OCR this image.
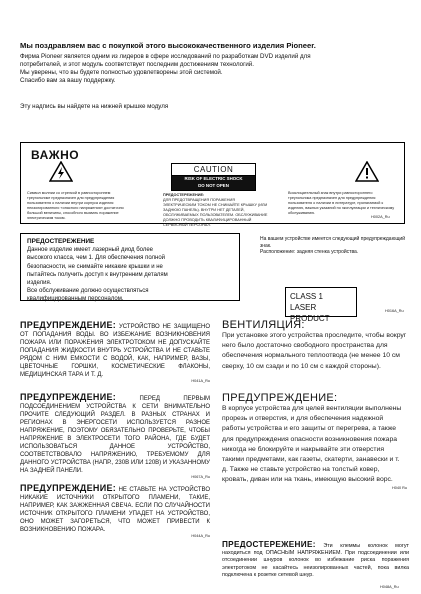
Мы поздравляем вас с покупкой этого высококачественного изделия Pioneer.
Фирма Pioneer является одним из лидеров в сфере исследований по разработкам DVD изделий для
потребителей, и этот модуль соответствует последним достижениям технологий.
Мы уверены, что вы будете полностью удовлетворены этой системой.
Спасибо вам за вашу поддержку.
Эту надпись вы найдете на нижней крышке модуля
ВАЖНО
CAUTION
RISK OF ELECTRIC SHOCK
DO NOT OPEN
Символ молнии со стрелкой в равностороннем треугольнике предназначен для предупреждения пользователя о наличии внутри корпуса изделия неизолированного «опасного напряжения» достаточно большой величины, способного вызвать поражение электрическим током.
ПРЕДОСТЕРЕЖЕНИЕ:
ДЛЯ ПРЕДОТВРАЩЕНИЯ ПОРАЖЕНИЯ ЭЛЕКТРИЧЕСКИМ ТОКОМ НЕ СНИМАЙТЕ КРЫШКУ (ИЛИ ЗАДНЮЮ ПАНЕЛЬ). ВНУТРИ НЕТ ДЕТАЛЕЙ, ОБСЛУЖИВАЕМЫХ ПОЛЬЗОВАТЕЛЕМ. ОБСЛУЖИВАНИЕ ДОЛЖНО ПРОВОДИТЬ КВАЛИФИЦИРОВАННЫЙ СЕРВИСНЫЙ ПЕРСОНАЛ.
Восклицательный знак внутри равностороннего треугольника предназначен для предупреждения пользователя о наличии в литературе, прилагаемой к изделию, важных указаний по эксплуатации и техническому обслуживанию.
H002A_Ru
ПРЕДОСТЕРЕЖЕНИЕ
Данное изделие имеет лазерный диод более
высокого класса, чем 1. Для обеспечения полной
безопасности, не снимайте никакие крышки и не
пытайтесь получить доступ к внутренним деталям
изделия.
Все обслуживание должно осуществляться
квалифицированным персоналом.
На вашем устройстве имеется следующий предупреждающий знак.
Расположение: задняя стенка устройства.
CLASS 1
LASER PRODUCT
H016A_Ru
ПРЕДУПРЕЖДЕНИЕ: УСТРОЙСТВО НЕ ЗАЩИЩЕНО ОТ ПОПАДАНИЯ ВОДЫ. ВО ИЗБЕЖАНИЕ ВОЗНИКНОВЕНИЯ ПОЖАРА ИЛИ ПОРАЖЕНИЯ ЭЛЕКТРОТОКОМ НЕ ДОПУСКАЙТЕ ПОПАДАНИЯ ЖИДКОСТИ ВНУТРЬ УСТРОЙСТВА И НЕ СТАВЬТЕ РЯДОМ С НИМ ЕМКОСТИ С ВОДОЙ, КАК, НАПРИМЕР, ВАЗЫ, ЦВЕТОЧНЫЕ ГОРШКИ, КОСМЕТИЧЕСКИЕ ФЛАКОНЫ, МЕДИЦИНСКАЯ ТАРА И Т. Д.
H041A_Ru
ПРЕДУПРЕЖДЕНИЕ:	ПЕРЕД ПЕРВЫМ ПОДСОЕДИНЕНИЕМ УСТРОЙСТВА К СЕТИ ВНИМАТЕЛЬНО ПРОЧИТЕ СЛЕДУЮЩИЙ РАЗДЕЛ. В РАЗНЫХ СТРАНАХ И РЕГИОНАХ В ЭНЕРГОСЕТИ ИСПОЛЬЗУЕТСЯ РАЗНОЕ НАПРЯЖЕНИЕ, ПОЭТОМУ ОБЯЗАТЕЛЬНО ПРОВЕРЬТЕ, ЧТОБЫ НАПРЯЖЕНИЕ В ЭЛЕКТРОСЕТИ ТОГО РАЙОНА, ГДЕ БУДЕТ ИСПОЛЬЗОВАТЬСЯ ДАННОЕ УСТРОЙСТВО, СООТВЕТСТВОВАЛО НАПРЯЖЕНИЮ, ТРЕБУЕМОМУ ДЛЯ ДАННОГО УСТРОЙСТВА (НАПР., 230В ИЛИ 120В) И УКАЗАННОМУ НА ЗАДНЕЙ ПАНЕЛИ.
H067A_Ru
ПРЕДУПРЕЖДЕНИЕ: НЕ СТАВЬТЕ НА УСТРОЙСТВО НИКАКИЕ ИСТОЧНИКИ ОТКРЫТОГО ПЛАМЕНИ, ТАКИЕ, НАПРИМЕР, КАК ЗАЖЖЕННАЯ СВЕЧА. ЕСЛИ ПО СЛУЧАЙНОСТИ ИСТОЧНИК ОТКРЫТОГО ПЛАМЕНИ УПАДЕТ НА УСТРОЙСТВО, ОНО МОЖЕТ ЗАГОРЕТЬСЯ, ЧТО МОЖЕТ ПРИВЕСТИ К ВОЗНИКНОВЕНИЮ ПОЖАРА.
H044A_Ru
ВЕНТИЛЯЦИЯ:
При установке этого устройства проследите, чтобы вокруг него было достаточно свободного пространства для обеспечения нормального теплоотвода (не менее 10 см сверху, 10 см сзади и по 10 см с каждой стороны).
ПРЕДУПРЕЖДЕНИЕ:
В корпусе устройства для целей вентиляции выполнены прорезь и отверстия, и для обеспечения надежной работы устройства и его защиты от перегрева, а также для предупреждения опасности возникновения пожара никогда не блокируйте и накрывайте эти отверстия такими предметами, как газеты, скатерти, занавески и т. д. Также не ставьте устройство на толстый ковер, кровать, диван или на ткань, имеющую высокий ворс.
H040 Ru
ПРЕДОСТЕРЕЖЕНИЕ: Эти клеммы колонок могут находиться под ОПАСНЫМ НАПРЯЖЕНИЕМ. При подсоединении или отсоединении шнуров колонок во избежание риска поражения электротоком не касайтесь неизолированных частей, пока вилка подключена к розетке сетевой шнур.
H048A_Ru
